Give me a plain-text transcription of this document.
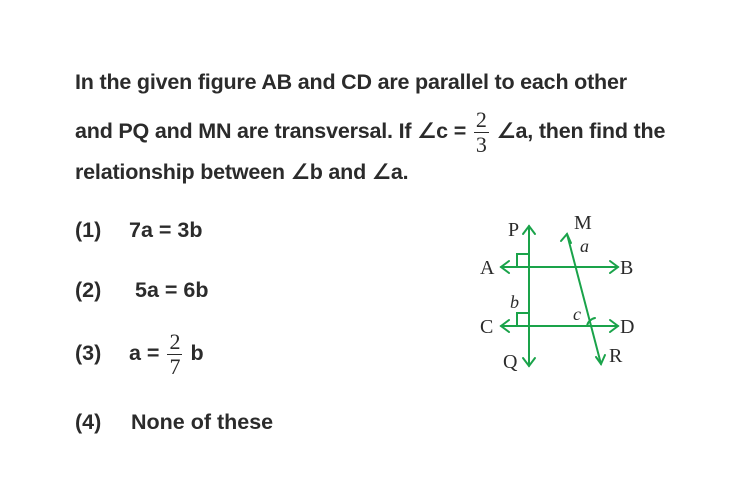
In the given figure AB and CD are parallel to each other
and PQ and MN are transversal. If ∠c = $\frac{2}{3}$ ∠a, then find the
relationship between ∠b and ∠a.
(1) 7a = 3b
(2) 5a = 6b
(3) $a = \frac{2}{7}$ b
(4) None of these
P	M
A	B
C	D
Q	R
a
b
c
